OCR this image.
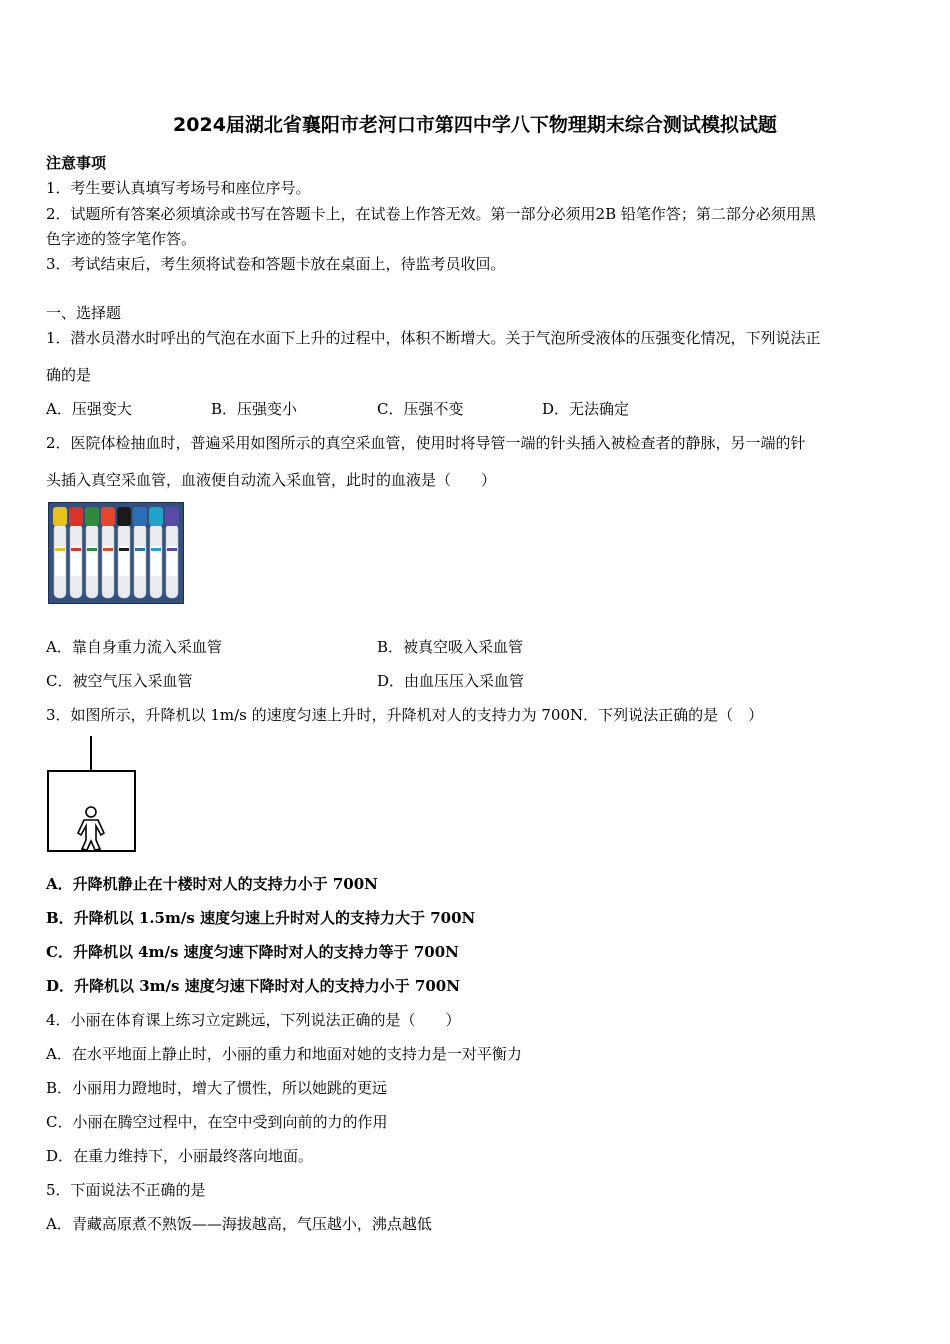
2024届湖北省襄阳市老河口市第四中学八下物理期末综合测试模拟试题
注意事项
1．考生要认真填写考场号和座位序号。
2．试题所有答案必须填涂或书写在答题卡上，在试卷上作答无效。第一部分必须用2B 铅笔作答；第二部分必须用黑
色字迹的签字笔作答。
3．考试结束后，考生须将试卷和答题卡放在桌面上，待监考员收回。
一、选择题
1．潜水员潜水时呼出的气泡在水面下上升的过程中，体积不断增大。关于气泡所受液体的压强变化情况，下列说法正
确的是
A．压强变大	B．压强变小	C．压强不变	D．无法确定
2．医院体检抽血时，普遍采用如图所示的真空采血管，使用时将导管一端的针头插入被检查者的静脉，另一端的针
头插入真空采血管，血液便自动流入采血管，此时的血液是（　　）
A．靠自身重力流入采血管	B．被真空吸入采血管
C．被空气压入采血管	D．由血压压入采血管
3．如图所示，升降机以 1m/s 的速度匀速上升时，升降机对人的支持力为 700N．下列说法正确的是（　）
A．升降机静止在十楼时对人的支持力小于 700N
B．升降机以 1.5m/s 速度匀速上升时对人的支持力大于 700N
C．升降机以 4m/s 速度匀速下降时对人的支持力等于 700N
D．升降机以 3m/s 速度匀速下降时对人的支持力小于 700N
4．小丽在体育课上练习立定跳远，下列说法正确的是（　　）
A．在水平地面上静止时，小丽的重力和地面对她的支持力是一对平衡力
B．小丽用力蹬地时，增大了惯性，所以她跳的更远
C．小丽在腾空过程中，在空中受到向前的力的作用
D．在重力维持下，小丽最终落向地面。
5．下面说法不正确的是
A．青藏高原煮不熟饭——海拔越高，气压越小，沸点越低
